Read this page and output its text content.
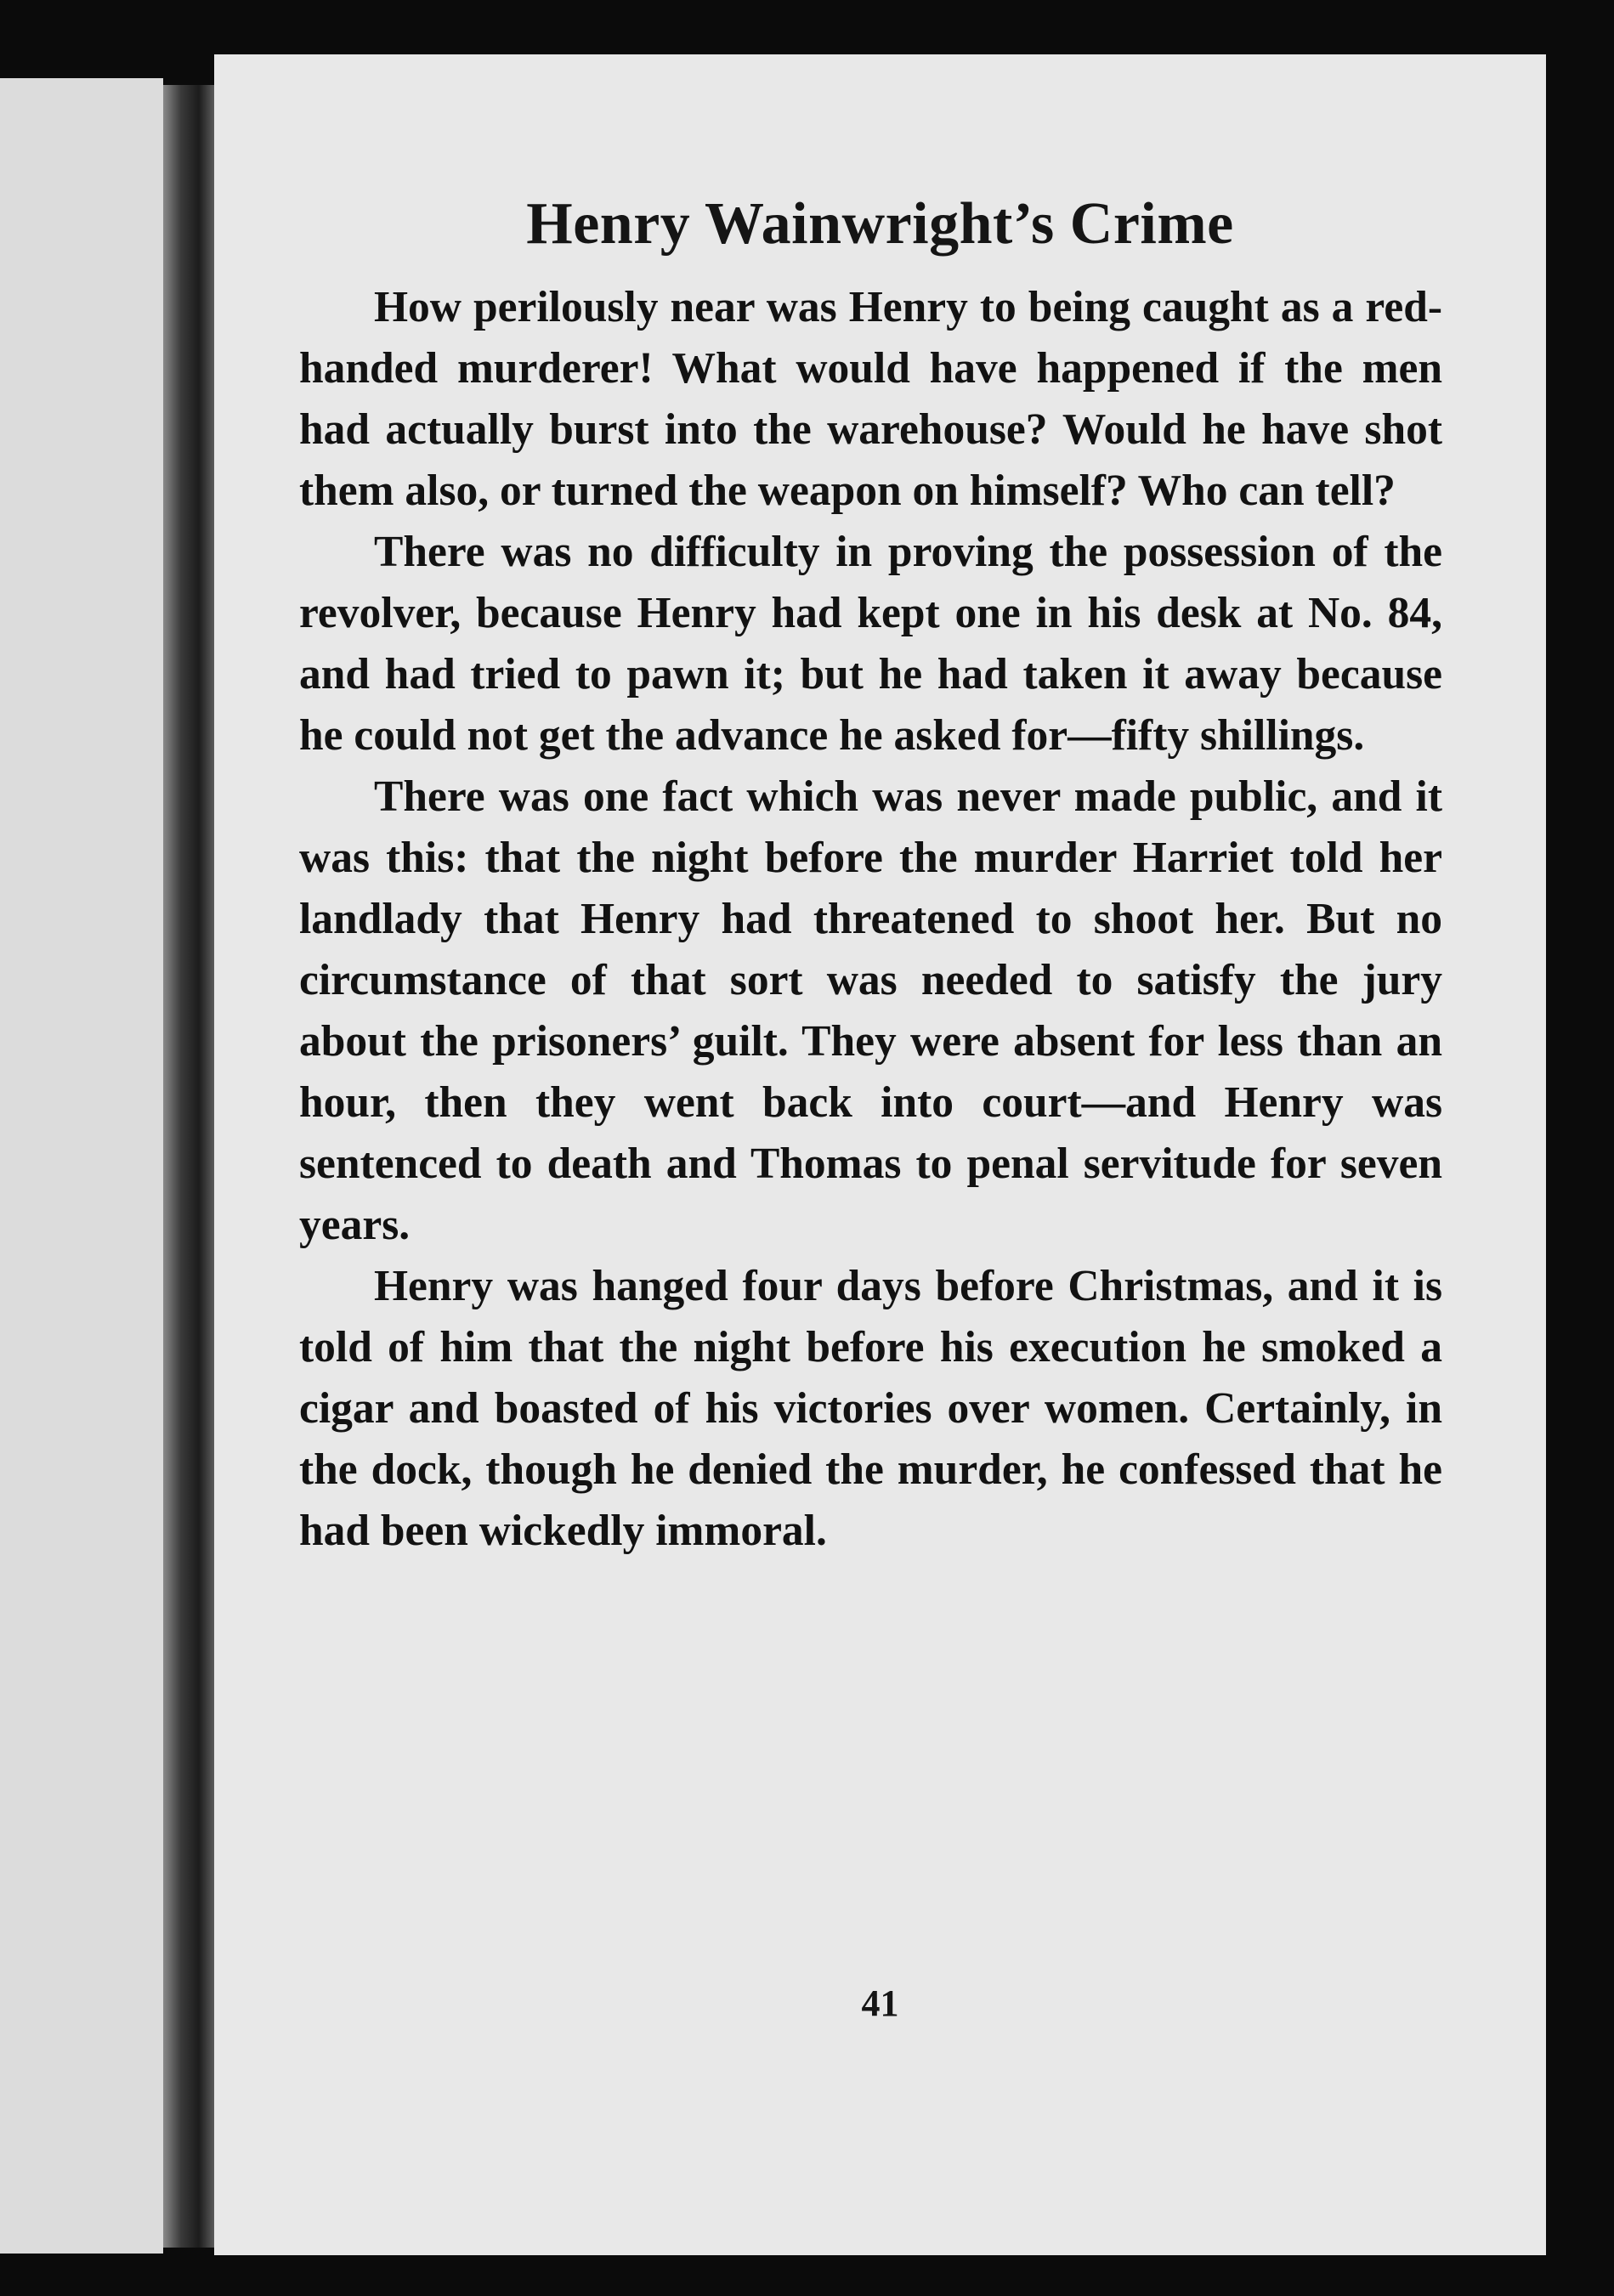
Henry Wainwright’s Crime

How perilously near was Henry to being caught as a red-handed murderer! What would have happened if the men had actually burst into the warehouse? Would he have shot them also, or turned the weapon on himself? Who can tell?

There was no difficulty in proving the possession of the revolver, because Henry had kept one in his desk at No. 84, and had tried to pawn it; but he had taken it away because he could not get the advance he asked for—fifty shillings.

There was one fact which was never made public, and it was this: that the night before the murder Harriet told her landlady that Henry had threatened to shoot her. But no circumstance of that sort was needed to satisfy the jury about the prisoners’ guilt. They were absent for less than an hour, then they went back into court—and Henry was sentenced to death and Thomas to penal servitude for seven years.

Henry was hanged four days before Christmas, and it is told of him that the night before his execution he smoked a cigar and boasted of his victories over women. Certainly, in the dock, though he denied the murder, he confessed that he had been wickedly immoral.

41
